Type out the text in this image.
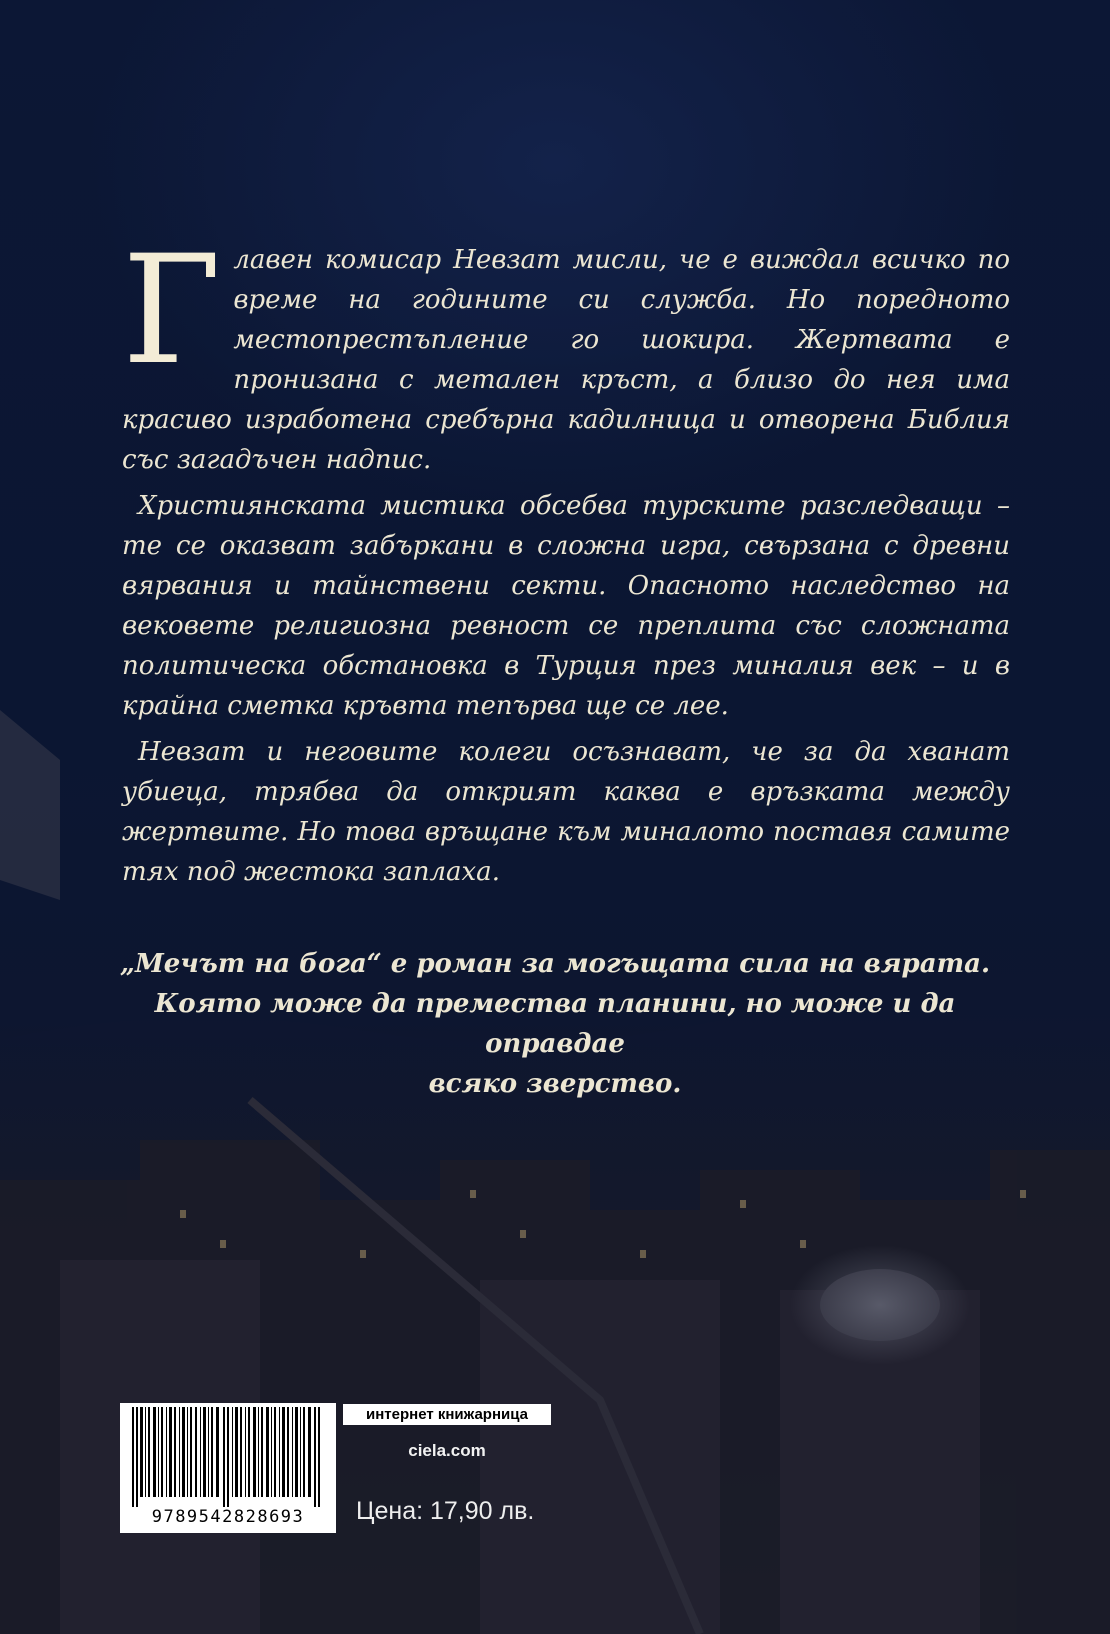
Главен комисар Невзат мисли, че е виждал всичко по време на годините си служба. Но поредното местопрестъпление го шокира. Жертвата е пронизана с метален кръст, а близо до нея има красиво изработена сребърна кадилница и отворена Библия със загадъчен надпис.

Християнската мистика обсебва турските разследващи – те се оказват забъркани в сложна игра, свързана с древни вярвания и тайнствени секти. Опасното наследство на вековете религиозна ревност се преплита със сложната политическа обстановка в Турция през миналия век – и в крайна сметка кръвта тепърва ще се лее.

Невзат и неговите колеги осъзнават, че за да хванат убиеца, трябва да открият каква е връзката между жертвите. Но това връщане към миналото поставя самите тях под жестока заплаха.

„Мечът на бога“ е роман за могъщата сила на вярата.
Която може да премества планини, но може и да оправдае
всяко зверство.
9789542828693
интернет книжарница
ciela.com
Цена: 17,90 лв.
